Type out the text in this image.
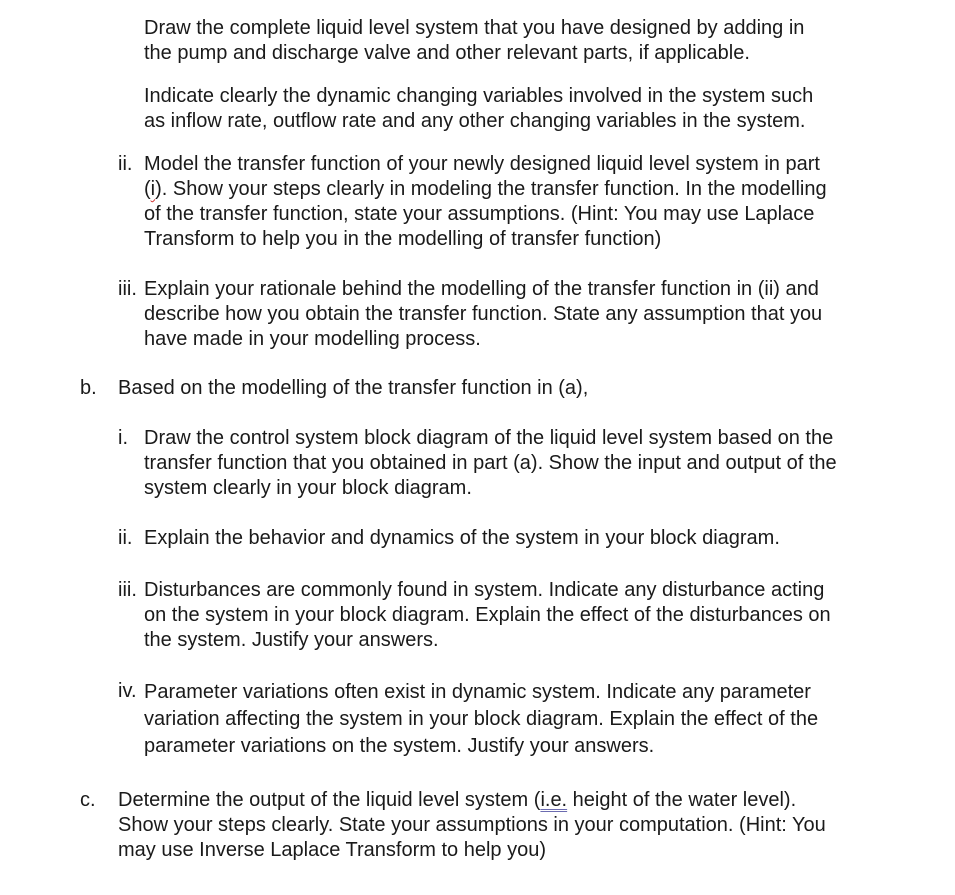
Draw the complete liquid level system that you have designed by adding in
the pump and discharge valve and other relevant parts, if applicable.
Indicate clearly the dynamic changing variables involved in the system such
as inflow rate, outflow rate and any other changing variables in the system.
ii. Model the transfer function of your newly designed liquid level system in part
(i). Show your steps clearly in modeling the transfer function. In the modelling
of the transfer function, state your assumptions. (Hint: You may use Laplace
Transform to help you in the modelling of transfer function)
iii. Explain your rationale behind the modelling of the transfer function in (ii) and
describe how you obtain the transfer function. State any assumption that you
have made in your modelling process.
b. Based on the modelling of the transfer function in (a),
i. Draw the control system block diagram of the liquid level system based on the
transfer function that you obtained in part (a). Show the input and output of the
system clearly in your block diagram.
ii. Explain the behavior and dynamics of the system in your block diagram.
iii. Disturbances are commonly found in system. Indicate any disturbance acting
on the system in your block diagram. Explain the effect of the disturbances on
the system. Justify your answers.
iv. Parameter variations often exist in dynamic system. Indicate any parameter
variation affecting the system in your block diagram. Explain the effect of the
parameter variations on the system. Justify your answers.
c. Determine the output of the liquid level system (i.e. height of the water level).
Show your steps clearly. State your assumptions in your computation. (Hint: You
may use Inverse Laplace Transform to help you)
